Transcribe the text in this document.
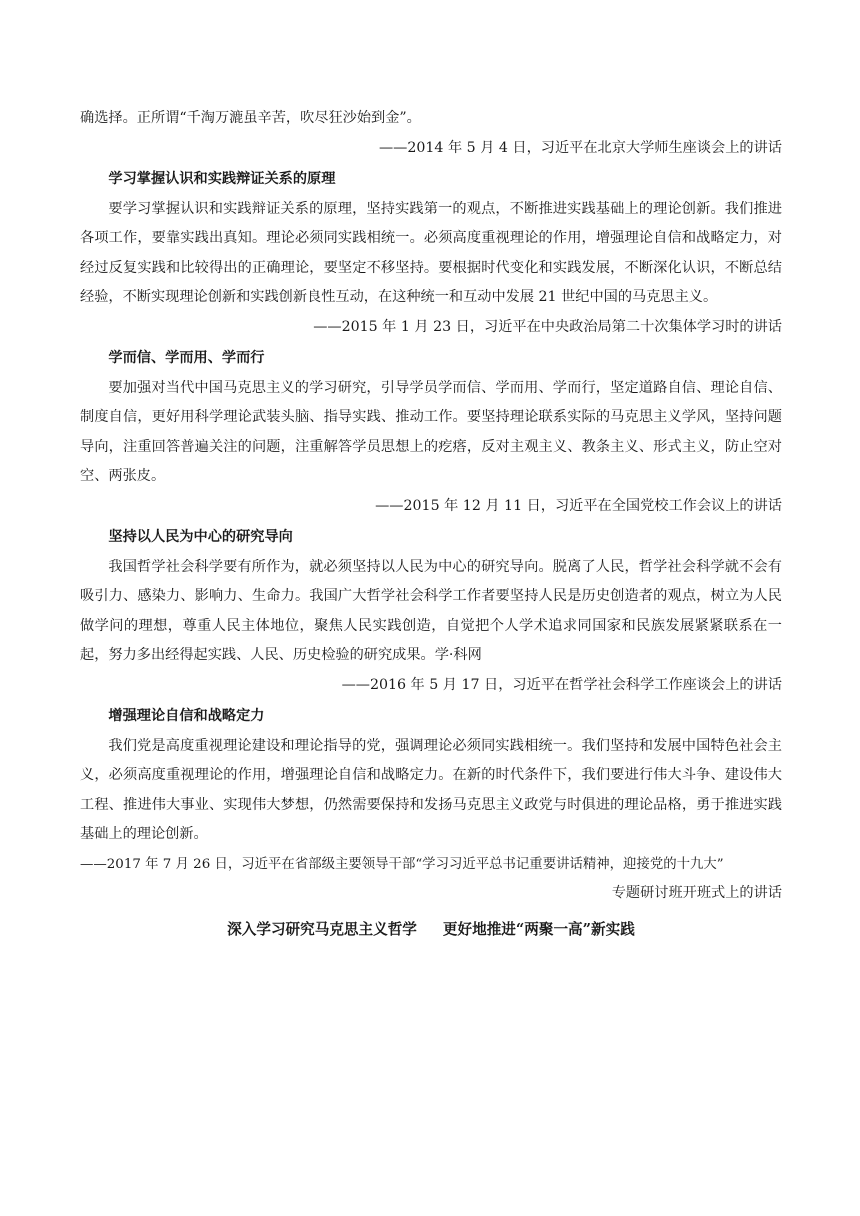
确选择。正所谓“千淘万漉虽辛苦，吹尽狂沙始到金”。

——2014 年 5 月 4 日，习近平在北京大学师生座谈会上的讲话

学习掌握认识和实践辩证关系的原理

要学习掌握认识和实践辩证关系的原理，坚持实践第一的观点，不断推进实践基础上的理论创新。我们推进各项工作，要靠实践出真知。理论必须同实践相统一。必须高度重视理论的作用，增强理论自信和战略定力，对经过反复实践和比较得出的正确理论，要坚定不移坚持。要根据时代变化和实践发展，不断深化认识，不断总结经验，不断实现理论创新和实践创新良性互动，在这种统一和互动中发展 21 世纪中国的马克思主义。

——2015 年 1 月 23 日，习近平在中央政治局第二十次集体学习时的讲话

学而信、学而用、学而行

要加强对当代中国马克思主义的学习研究，引导学员学而信、学而用、学而行，坚定道路自信、理论自信、制度自信，更好用科学理论武装头脑、指导实践、推动工作。要坚持理论联系实际的马克思主义学风，坚持问题导向，注重回答普遍关注的问题，注重解答学员思想上的疙瘩，反对主观主义、教条主义、形式主义，防止空对空、两张皮。

——2015 年 12 月 11 日，习近平在全国党校工作会议上的讲话

坚持以人民为中心的研究导向

我国哲学社会科学要有所作为，就必须坚持以人民为中心的研究导向。脱离了人民，哲学社会科学就不会有吸引力、感染力、影响力、生命力。我国广大哲学社会科学工作者要坚持人民是历史创造者的观点，树立为人民做学问的理想，尊重人民主体地位，聚焦人民实践创造，自觉把个人学术追求同国家和民族发展紧紧联系在一起，努力多出经得起实践、人民、历史检验的研究成果。学·科网

——2016 年 5 月 17 日，习近平在哲学社会科学工作座谈会上的讲话

增强理论自信和战略定力

我们党是高度重视理论建设和理论指导的党，强调理论必须同实践相统一。我们坚持和发展中国特色社会主义，必须高度重视理论的作用，增强理论自信和战略定力。在新的时代条件下，我们要进行伟大斗争、建设伟大工程、推进伟大事业、实现伟大梦想，仍然需要保持和发扬马克思主义政党与时俱进的理论品格，勇于推进实践基础上的理论创新。

——2017 年 7 月 26 日，习近平在省部级主要领导干部“学习习近平总书记重要讲话精神，迎接党的十九大”

专题研讨班开班式上的讲话

深入学习研究马克思主义哲学 更好地推进“两聚一高”新实践
